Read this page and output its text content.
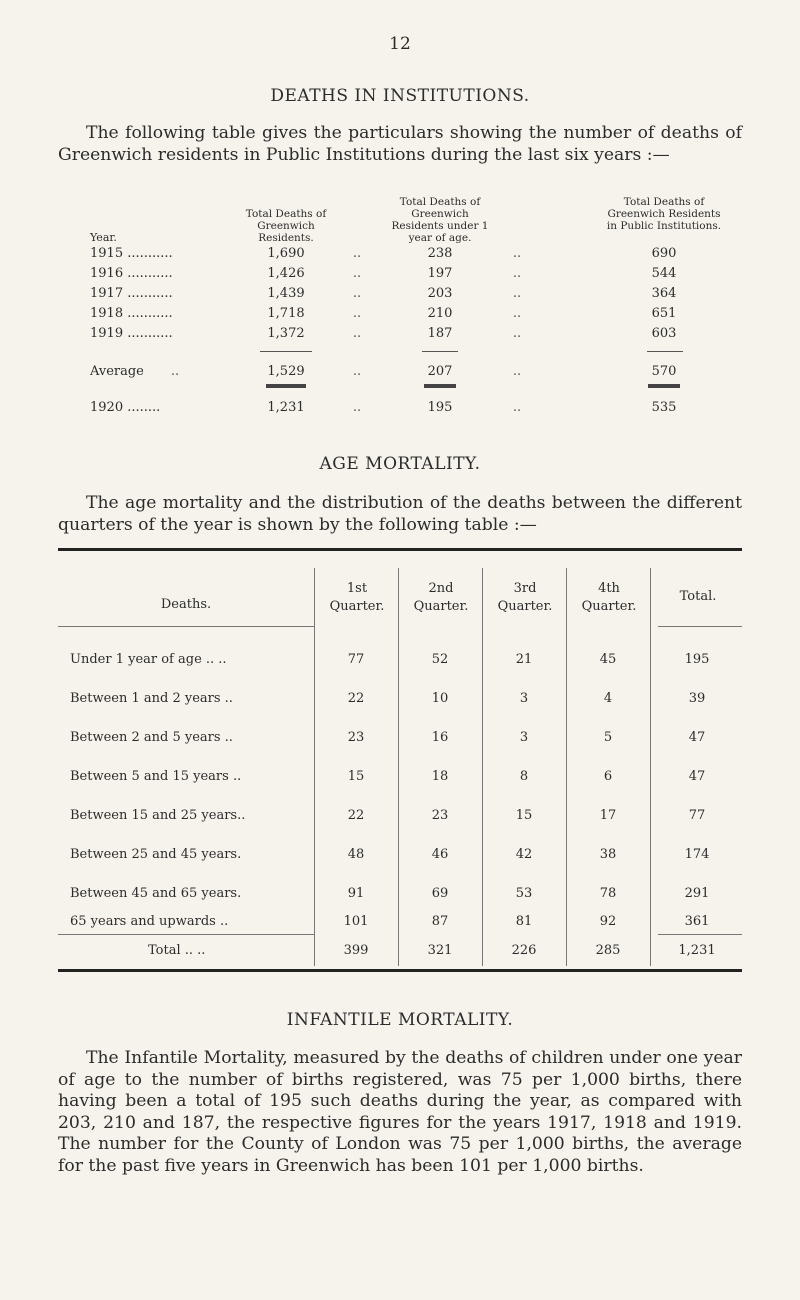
12
DEATHS IN INSTITUTIONS.
The following table gives the particulars showing the number of deaths of Greenwich residents in Public Institutions during the last six years :—
Year.
Total Deaths of Greenwich Residents.
Total Deaths of Greenwich Residents under 1 year of age.
Total Deaths of Greenwich Residents in Public Institutions.
1915 ...........	1,690	..	238	..	690
1916 ...........	1,426	..	197	..	544
1917 ...........	1,439	..	203	..	364
1918 ...........	1,718	..	210	..	651
1919 ...........	1,372	..	187	..	603
Average	..	1,529	..	207	..	570
1920 ........	1,231	..	195	..	535
AGE MORTALITY.
The age mortality and the distribution of the deaths between the different quarters of the year is shown by the following table :—
Deaths.
1st Quarter.
2nd Quarter.
3rd Quarter.
4th Quarter.
Total.
Under 1 year of age .. ..	77	52	21	45	195
Between 1 and 2 years ..	22	10	3	4	39
Between 2 and 5 years ..	23	16	3	5	47
Between 5 and 15 years ..	15	18	8	6	47
Between 15 and 25 years..	22	23	15	17	77
Between 25 and 45 years.	48	46	42	38	174
Between 45 and 65 years.	91	69	53	78	291
65 years and upwards ..	101	87	81	92	361
Total .. ..	399	321	226	285	1,231
INFANTILE MORTALITY.
The Infantile Mortality, measured by the deaths of children under one year of age to the number of births registered, was 75 per 1,000 births, there having been a total of 195 such deaths during the year, as compared with 203, 210 and 187, the respective figures for the years 1917, 1918 and 1919. The number for the County of London was 75 per 1,000 births, the average for the past five years in Greenwich has been 101 per 1,000 births.
